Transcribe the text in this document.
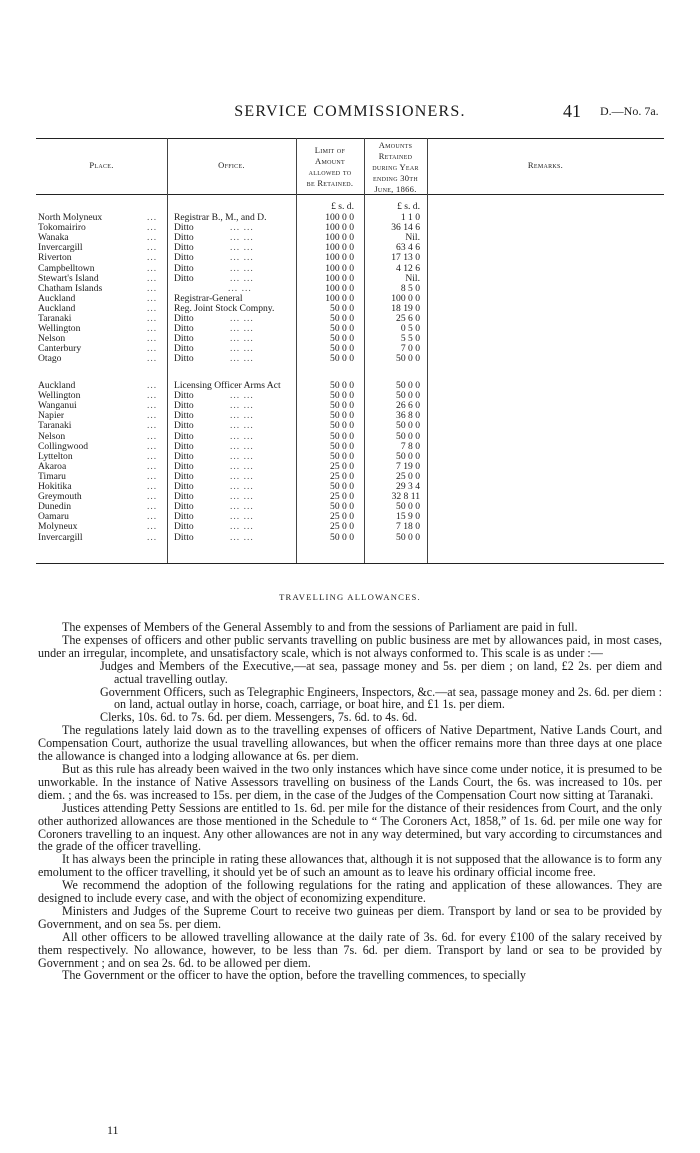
SERVICE COMMISSIONERS.	41 D.—No. 7a.
Place.	Office.
Limit of
Amount
allowed to
be Retained.
Amounts
Retained
during Year
ending 30th
June, 1866.
Remarks.
£ s. d.	£ s. d.
North Molyneux	... Registrar B., M., and D.	100 0 0	1 1 0
Tokomairiro	... Ditto	... ...	100 0 0	36 14 6
Wanaka	... Ditto	... ...	100 0 0	Nil.
Invercargill	... Ditto	... ...	100 0 0	63 4 6
Riverton	... Ditto	... ...	100 0 0	17 13 0
Campbelltown	... Ditto	... ...	100 0 0	4 12 6
Stewart's Island	... Ditto	... ...	100 0 0	Nil.
Chatham Islands	...	... ...	100 0 0	8 5 0
Auckland	... Registrar-General	100 0 0	100 0 0
Auckland	... Reg. Joint Stock Compny.	50 0 0	18 19 0
Taranaki	... Ditto	... ...	50 0 0	25 6 0
Wellington	... Ditto	... ...	50 0 0	0 5 0
Nelson	... Ditto	... ...	50 0 0	5 5 0
Canterbury	... Ditto	... ...	50 0 0	7 0 0
Otago	... Ditto	... ...	50 0 0	50 0 0
Auckland	... Licensing Officer Arms Act	50 0 0	50 0 0
Wellington	... Ditto	... ...	50 0 0	50 0 0
Wanganui	... Ditto	... ...	50 0 0	26 6 0
Napier	... Ditto	... ...	50 0 0	36 8 0
Taranaki	... Ditto	... ...	50 0 0	50 0 0
Nelson	... Ditto	... ...	50 0 0	50 0 0
Collingwood	... Ditto	... ...	50 0 0	7 8 0
Lyttelton	... Ditto	... ...	50 0 0	50 0 0
Akaroa	... Ditto	... ...	25 0 0	7 19 0
Timaru	... Ditto	... ...	25 0 0	25 0 0
Hokitika	... Ditto	... ...	50 0 0	29 3 4
Greymouth	... Ditto	... ...	25 0 0	32 8 11
Dunedin	... Ditto	... ...	50 0 0	50 0 0
Oamaru	... Ditto	... ...	25 0 0	15 9 0
Molyneux	... Ditto	... ...	25 0 0	7 18 0
Invercargill	... Ditto	... ...	50 0 0	50 0 0
TRAVELLING ALLOWANCES.

The expenses of Members of the General Assembly to and from the sessions of Parliament are paid in full.

The expenses of officers and other public servants travelling on public business are met by allowances paid, in most cases, under an irregular, incomplete, and unsatisfactory scale, which is not always conformed to. This scale is as under :—

Judges and Members of the Executive,—at sea, passage money and 5s. per diem ; on land, £2 2s. per diem and actual travelling outlay.

Government Officers, such as Telegraphic Engineers, Inspectors, &c.—at sea, passage money and 2s. 6d. per diem : on land, actual outlay in horse, coach, carriage, or boat hire, and £1 1s. per diem.

Clerks, 10s. 6d. to 7s. 6d. per diem. Messengers, 7s. 6d. to 4s. 6d.

The regulations lately laid down as to the travelling expenses of officers of Native Department, Native Lands Court, and Compensation Court, authorize the usual travelling allowances, but when the officer remains more than three days at one place the allowance is changed into a lodging allowance at 6s. per diem.

But as this rule has already been waived in the two only instances which have since come under notice, it is presumed to be unworkable. In the instance of Native Assessors travelling on business of the Lands Court, the 6s. was increased to 10s. per diem. ; and the 6s. was increased to 15s. per diem, in the case of the Judges of the Compensation Court now sitting at Taranaki.

Justices attending Petty Sessions are entitled to 1s. 6d. per mile for the distance of their residences from Court, and the only other authorized allowances are those mentioned in the Schedule to “ The Coroners Act, 1858,” of 1s. 6d. per mile one way for Coroners travelling to an inquest. Any other allowances are not in any way determined, but vary according to circumstances and the grade of the officer travelling.

It has always been the principle in rating these allowances that, although it is not supposed that the allowance is to form any emolument to the officer travelling, it should yet be of such an amount as to leave his ordinary official income free.

We recommend the adoption of the following regulations for the rating and application of these allowances. They are designed to include every case, and with the object of economizing expenditure.

Ministers and Judges of the Supreme Court to receive two guineas per diem. Transport by land or sea to be provided by Government, and on sea 5s. per diem.

All other officers to be allowed travelling allowance at the daily rate of 3s. 6d. for every £100 of the salary received by them respectively. No allowance, however, to be less than 7s. 6d. per diem. Transport by land or sea to be provided by Government ; and on sea 2s. 6d. to be allowed per diem.

The Government or the officer to have the option, before the travelling commences, to specially

11
